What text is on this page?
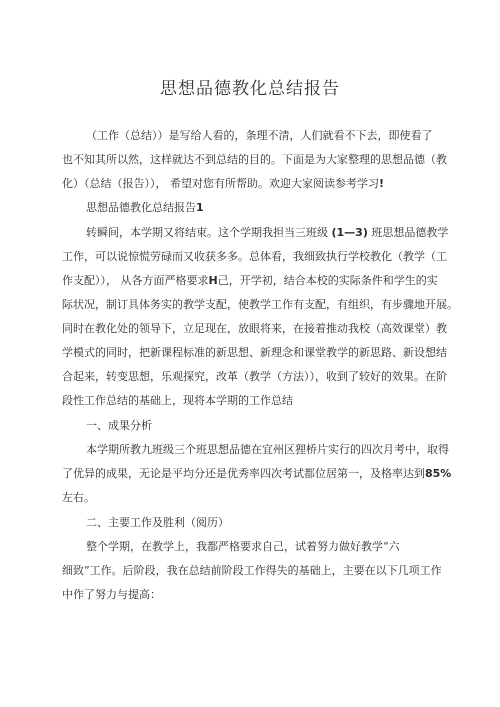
思想品德教化总结报告
（工作（总结））是写给人看的，条理不清，人们就看不下去，即使看了
也不知其所以然，这样就达不到总结的目的。下面是为大家整理的思想品德（教
化）（总结（报告））， 希望对您有所帮助。欢迎大家阅读参考学习!
思想品德教化总结报告1
转瞬间，本学期又将结束。这个学期我担当三班级 (1—3) 班思想品德教学
工作，可以说惊慌劳碌而又收获多多。总体看，我细致执行学校教化（教学（工
作支配））， 从各方面严格要求H己，开学初，结合本校的实际条件和学生的实
际状况，制订具体务实的教学支配，使教学工作有支配，有组织，有步骤地开展。
同时在教化处的领导下，立足现在，放眼将来，在接着推动我校（高效课堂）教
学模式的同时，把新课程标准的新思想、新理念和课堂教学的新思路、新设想结
合起来，转变思想，乐观探究，改革（教学（方法）），收到了较好的效果。在阶
段性工作总结的基础上，现将本学期的工作总结
一、成果分析
本学期所教九班级三个班思想品德在宜州区狸桥片实行的四次月考中，取得
了优异的成果，无论是平均分还是优秀率四次考试都位居第一，及格率达到85%
左右。
二、主要工作及胜利（阅历）
整个学期，在教学上，我都严格要求自己，试着努力做好教学“六
细致”工作。后阶段，我在总结前阶段工作得失的基础上，主要在以下几项工作
中作了努力与提高：
